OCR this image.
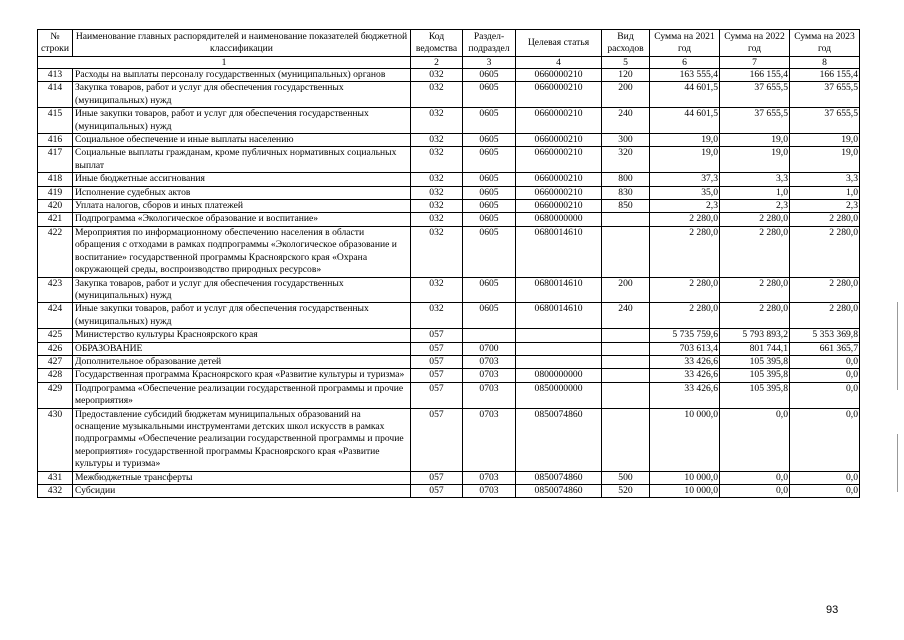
№ строки	Наименование главных распорядителей и наименование показателей бюджетной классификации	Код ведомства	Раздел-подраздел	Целевая статья	Вид расходов	Сумма на 2021 год	Сумма на 2022 год	Сумма на 2023 год
1		2	3	4	5	6	7	8
413	Расходы на выплаты персоналу государственных (муниципальных) органов	032	0605	0660000210	120	163 555,4	166 155,4	166 155,4
414	Закупка товаров, работ и услуг для обеспечения государственных (муниципальных) нужд	032	0605	0660000210	200	44 601,5	37 655,5	37 655,5
415	Иные закупки товаров, работ и услуг для обеспечения государственных (муниципальных) нужд	032	0605	0660000210	240	44 601,5	37 655,5	37 655,5
416	Социальное обеспечение и иные выплаты населению	032	0605	0660000210	300	19,0	19,0	19,0
417	Социальные выплаты гражданам, кроме публичных нормативных социальных выплат	032	0605	0660000210	320	19,0	19,0	19,0
418	Иные бюджетные ассигнования	032	0605	0660000210	800	37,3	3,3	3,3
419	Исполнение судебных актов	032	0605	0660000210	830	35,0	1,0	1,0
420	Уплата налогов, сборов и иных платежей	032	0605	0660000210	850	2,3	2,3	2,3
421	Подпрограмма «Экологическое образование и воспитание»	032	0605	0680000000		2 280,0	2 280,0	2 280,0
422	Мероприятия по информационному обеспечению населения в области обращения с отходами в рамках подпрограммы «Экологическое образование и воспитание» государственной программы Красноярского края «Охрана окружающей среды, воспроизводство природных ресурсов»	032	0605	0680014610		2 280,0	2 280,0	2 280,0
423	Закупка товаров, работ и услуг для обеспечения государственных (муниципальных) нужд	032	0605	0680014610	200	2 280,0	2 280,0	2 280,0
424	Иные закупки товаров, работ и услуг для обеспечения государственных (муниципальных) нужд	032	0605	0680014610	240	2 280,0	2 280,0	2 280,0
425	Министерство культуры Красноярского края	057				5 735 759,6	5 793 893,2	5 353 369,8
426	ОБРАЗОВАНИЕ	057	0700			703 613,4	801 744,1	661 365,7
427	Дополнительное образование детей	057	0703			33 426,6	105 395,8	0,0
428	Государственная программа Красноярского края «Развитие культуры и туризма»	057	0703	0800000000		33 426,6	105 395,8	0,0
429	Подпрограмма «Обеспечение реализации государственной программы и прочие мероприятия»	057	0703	0850000000		33 426,6	105 395,8	0,0
430	Предоставление субсидий бюджетам муниципальных образований на оснащение музыкальными инструментами детских школ искусств в рамках подпрограммы «Обеспечение реализации государственной программы и прочие мероприятия» государственной программы Красноярского края «Развитие культуры и туризма»	057	0703	0850074860		10 000,0	0,0	0,0
431	Межбюджетные трансферты	057	0703	0850074860	500	10 000,0	0,0	0,0
432	Субсидии	057	0703	0850074860	520	10 000,0	0,0	0,0
93
